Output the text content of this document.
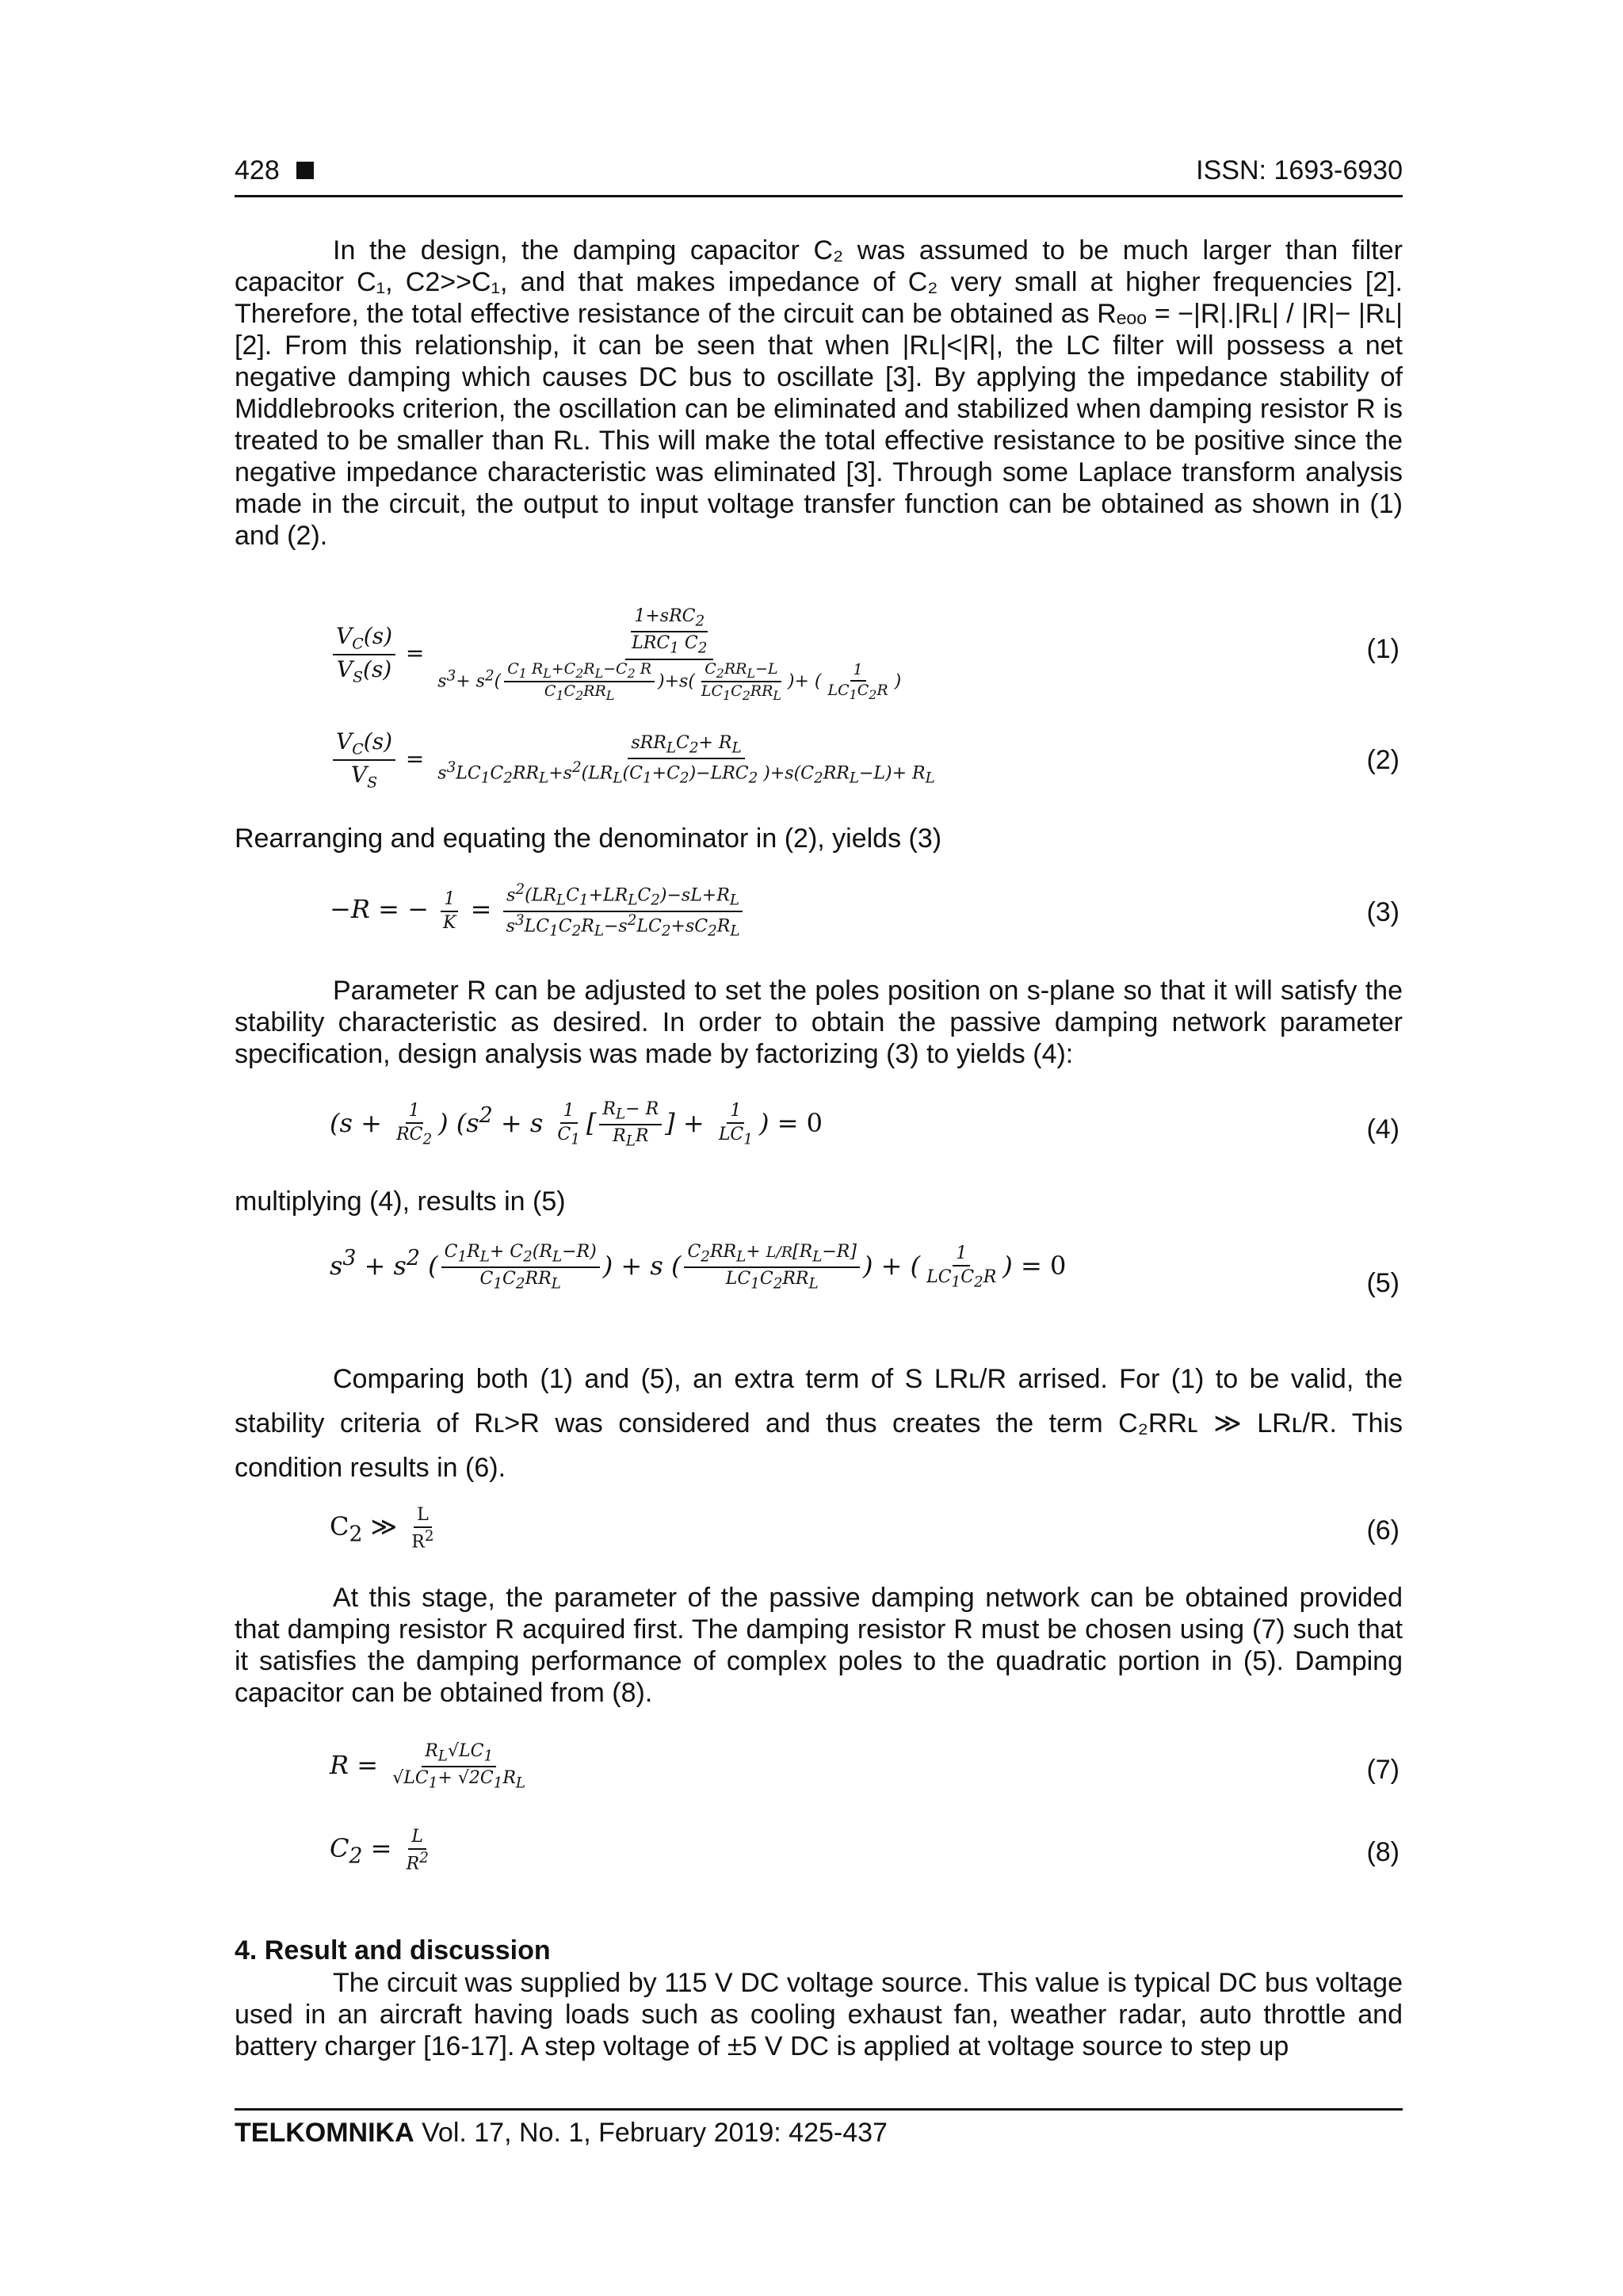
428	ISSN: 1693-6930

In the design, the damping capacitor C₂ was assumed to be much larger than filter capacitor C₁, C2>>C₁, and that makes impedance of C₂ very small at higher frequencies [2]. Therefore, the total effective resistance of the circuit can be obtained as Rₑₒₒ = −|R|.|Rʟ| / |R|− |Rʟ| [2]. From this relationship, it can be seen that when |Rʟ|<|R|, the LC filter will possess a net negative damping which causes DC bus to oscillate [3]. By applying the impedance stability of Middlebrooks criterion, the oscillation can be eliminated and stabilized when damping resistor R is treated to be smaller than Rʟ. This will make the total effective resistance to be positive since the negative impedance characteristic was eliminated [3]. Through some Laplace transform analysis made in the circuit, the output to input voltage transfer function can be obtained as shown in (1) and (2).

$\frac{V_C(s)}{V_S(s)} = \frac{\frac{1+sRC_2}{LRC_1 C_2}}{s^3+ s^2( \frac{C_1 R_L+C_2R_L-C_2 R}{C_1C_2RR_L} )+s( \frac{C_2RR_L-L}{LC_1C_2RR_L} )+ ( \frac{1}{LC_1C_2R} )}$	(1)
$\frac{V_C(s)}{V_S} = \frac{sRR_LC_2+ R_L}{s^3LC_1C_2RR_L+s^2(LR_L(C_1+C_2)-LRC_2 )+s(C_2RR_L-L)+ R_L}$	(2)

Rearranging and equating the denominator in (2), yields (3)

−R = − $\frac{1}{K} = \frac{s^2(LR_LC_1+LR_LC_2)-sL+R_L}{s^3LC_1C_2R_L-s^2LC_2+sC_2R_L}$	(3)

Parameter R can be adjusted to set the poles position on s-plane so that it will satisfy the stability characteristic as desired. In order to obtain the passive damping network parameter specification, design analysis was made by factorizing (3) to yields (4):

($s + \frac{1}{RC_2}$ ) ($s^2 + s \frac{1}{C_1}$ [ $\frac{R_L- R}{R_LR}$ ] + $\frac{1}{LC_1}$ ) = 0	(4)

multiplying (4), results in (5)

$s^3 + s^2$ ( $\frac{C_1R_L+ C_2(R_L-R)}{C_1C_2RR_L}$ ) + s ( $\frac{C_2RR_L+ L/R[R_L-R]}{LC_1C_2RR_L}$ ) + ( $\frac{1}{LC_1C_2R}$ ) = 0
(5)

Comparing both (1) and (5), an extra term of S LRʟ/R arrised. For (1) to be valid, the stability criteria of Rʟ>R was considered and thus creates the term C₂RRʟ ≫ LRʟ/R. This condition results in (6).

$C_2$ ≫ $\frac{L}{R^2}$	(6)

At this stage, the parameter of the passive damping network can be obtained provided that damping resistor R acquired first. The damping resistor R must be chosen using (7) such that it satisfies the damping performance of complex poles to the quadratic portion in (5). Damping capacitor can be obtained from (8).

$R = \frac{R_L√LC_1}{√LC_1+ √2C_1R_L}$	(7)
$C_2 = \frac{L}{R^2}$	(8)
4. Result and discussion

The circuit was supplied by 115 V DC voltage source. This value is typical DC bus voltage used in an aircraft having loads such as cooling exhaust fan, weather radar, auto throttle and battery charger [16-17]. A step voltage of ±5 V DC is applied at voltage source to step up

TELKOMNIKA Vol. 17, No. 1, February 2019: 425-437
